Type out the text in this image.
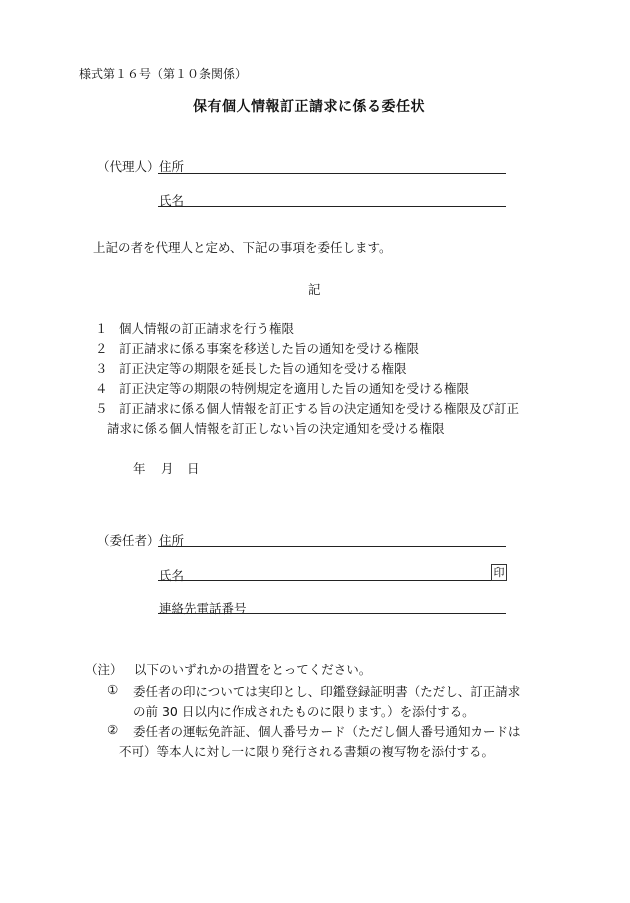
様式第１６号（第１０条関係）
保有個人情報訂正請求に係る委任状
（代理人） 住所
氏名
上記の者を代理人と定め、下記の事項を委任します。
記
１ 個人情報の訂正請求を行う権限
２ 訂正請求に係る事案を移送した旨の通知を受ける権限
３ 訂正決定等の期限を延長した旨の通知を受ける権限
４ 訂正決定等の期限の特例規定を適用した旨の通知を受ける権限
５ 訂正請求に係る個人情報を訂正する旨の決定通知を受ける権限及び訂正
請求に係る個人情報を訂正しない旨の決定通知を受ける権限
年 月 日
（委任者） 住所
氏名	印
連絡先電話番号
（注） 以下のいずれかの措置をとってください。
① 委任者の印については実印とし、印鑑登録証明書（ただし、訂正請求
の前 30 日以内に作成されたものに限ります。）を添付する。
② 委任者の運転免許証、個人番号カード（ただし個人番号通知カードは
不可）等本人に対し一に限り発行される書類の複写物を添付する。
